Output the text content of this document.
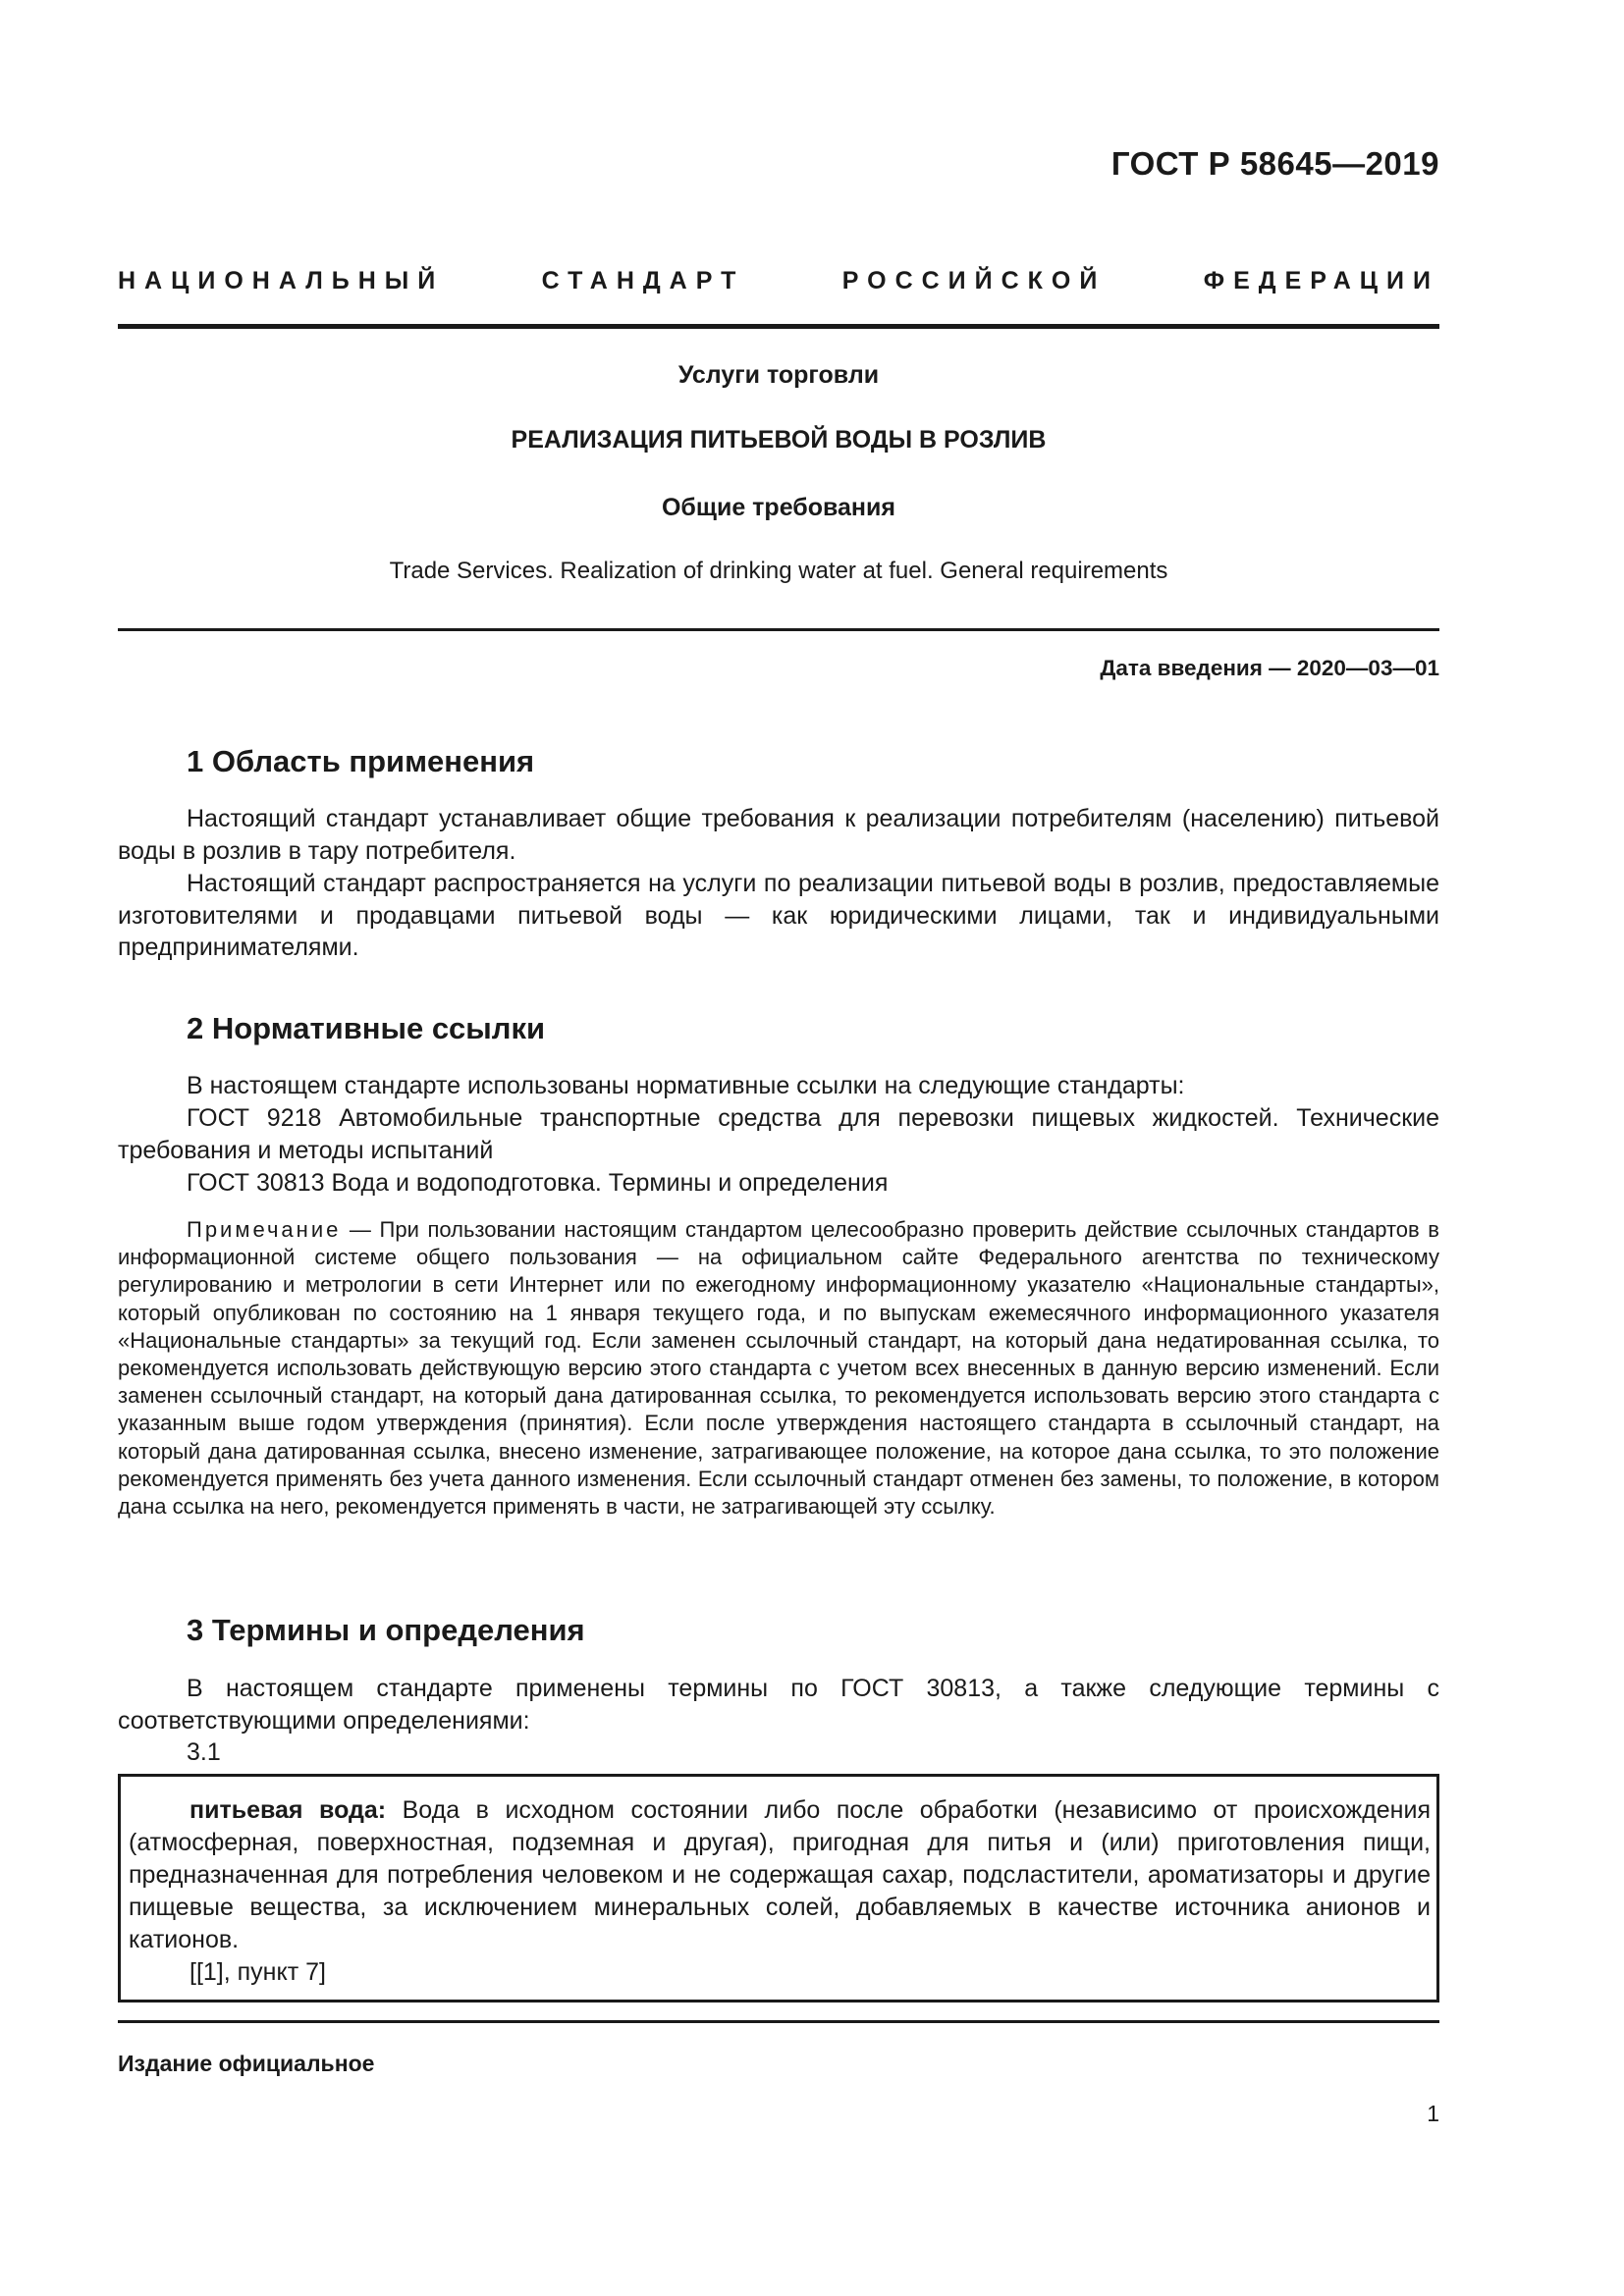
ГОСТ Р 58645—2019
НАЦИОНАЛЬНЫЙ СТАНДАРТ РОССИЙСКОЙ ФЕДЕРАЦИИ
Услуги торговли
РЕАЛИЗАЦИЯ ПИТЬЕВОЙ ВОДЫ В РОЗЛИВ
Общие требования
Trade Services. Realization of drinking water at fuel. General requirements
Дата введения — 2020—03—01
1 Область применения
Настоящий стандарт устанавливает общие требования к реализации потребителям (населению) питьевой воды в розлив в тару потребителя.
Настоящий стандарт распространяется на услуги по реализации питьевой воды в розлив, предоставляемые изготовителями и продавцами питьевой воды — как юридическими лицами, так и индивидуальными предпринимателями.
2 Нормативные ссылки
В настоящем стандарте использованы нормативные ссылки на следующие стандарты:
ГОСТ 9218 Автомобильные транспортные средства для перевозки пищевых жидкостей. Технические требования и методы испытаний
ГОСТ 30813 Вода и водоподготовка. Термины и определения
Примечание — При пользовании настоящим стандартом целесообразно проверить действие ссылочных стандартов в информационной системе общего пользования — на официальном сайте Федерального агентства по техническому регулированию и метрологии в сети Интернет или по ежегодному информационному указателю «Национальные стандарты», который опубликован по состоянию на 1 января текущего года, и по выпускам ежемесячного информационного указателя «Национальные стандарты» за текущий год. Если заменен ссылочный стандарт, на который дана недатированная ссылка, то рекомендуется использовать действующую версию этого стандарта с учетом всех внесенных в данную версию изменений. Если заменен ссылочный стандарт, на который дана датированная ссылка, то рекомендуется использовать версию этого стандарта с указанным выше годом утверждения (принятия). Если после утверждения настоящего стандарта в ссылочный стандарт, на который дана датированная ссылка, внесено изменение, затрагивающее положение, на которое дана ссылка, то это положение рекомендуется применять без учета данного изменения. Если ссылочный стандарт отменен без замены, то положение, в котором дана ссылка на него, рекомендуется применять в части, не затрагивающей эту ссылку.
3 Термины и определения
В настоящем стандарте применены термины по ГОСТ 30813, а также следующие термины с соответствующими определениями:
3.1
питьевая вода: Вода в исходном состоянии либо после обработки (независимо от происхождения (атмосферная, поверхностная, подземная и другая), пригодная для питья и (или) приготовления пищи, предназначенная для потребления человеком и не содержащая сахар, подсластители, ароматизаторы и другие пищевые вещества, за исключением минеральных солей, добавляемых в качестве источника анионов и катионов.
[[1], пункт 7]
Издание официальное
1
